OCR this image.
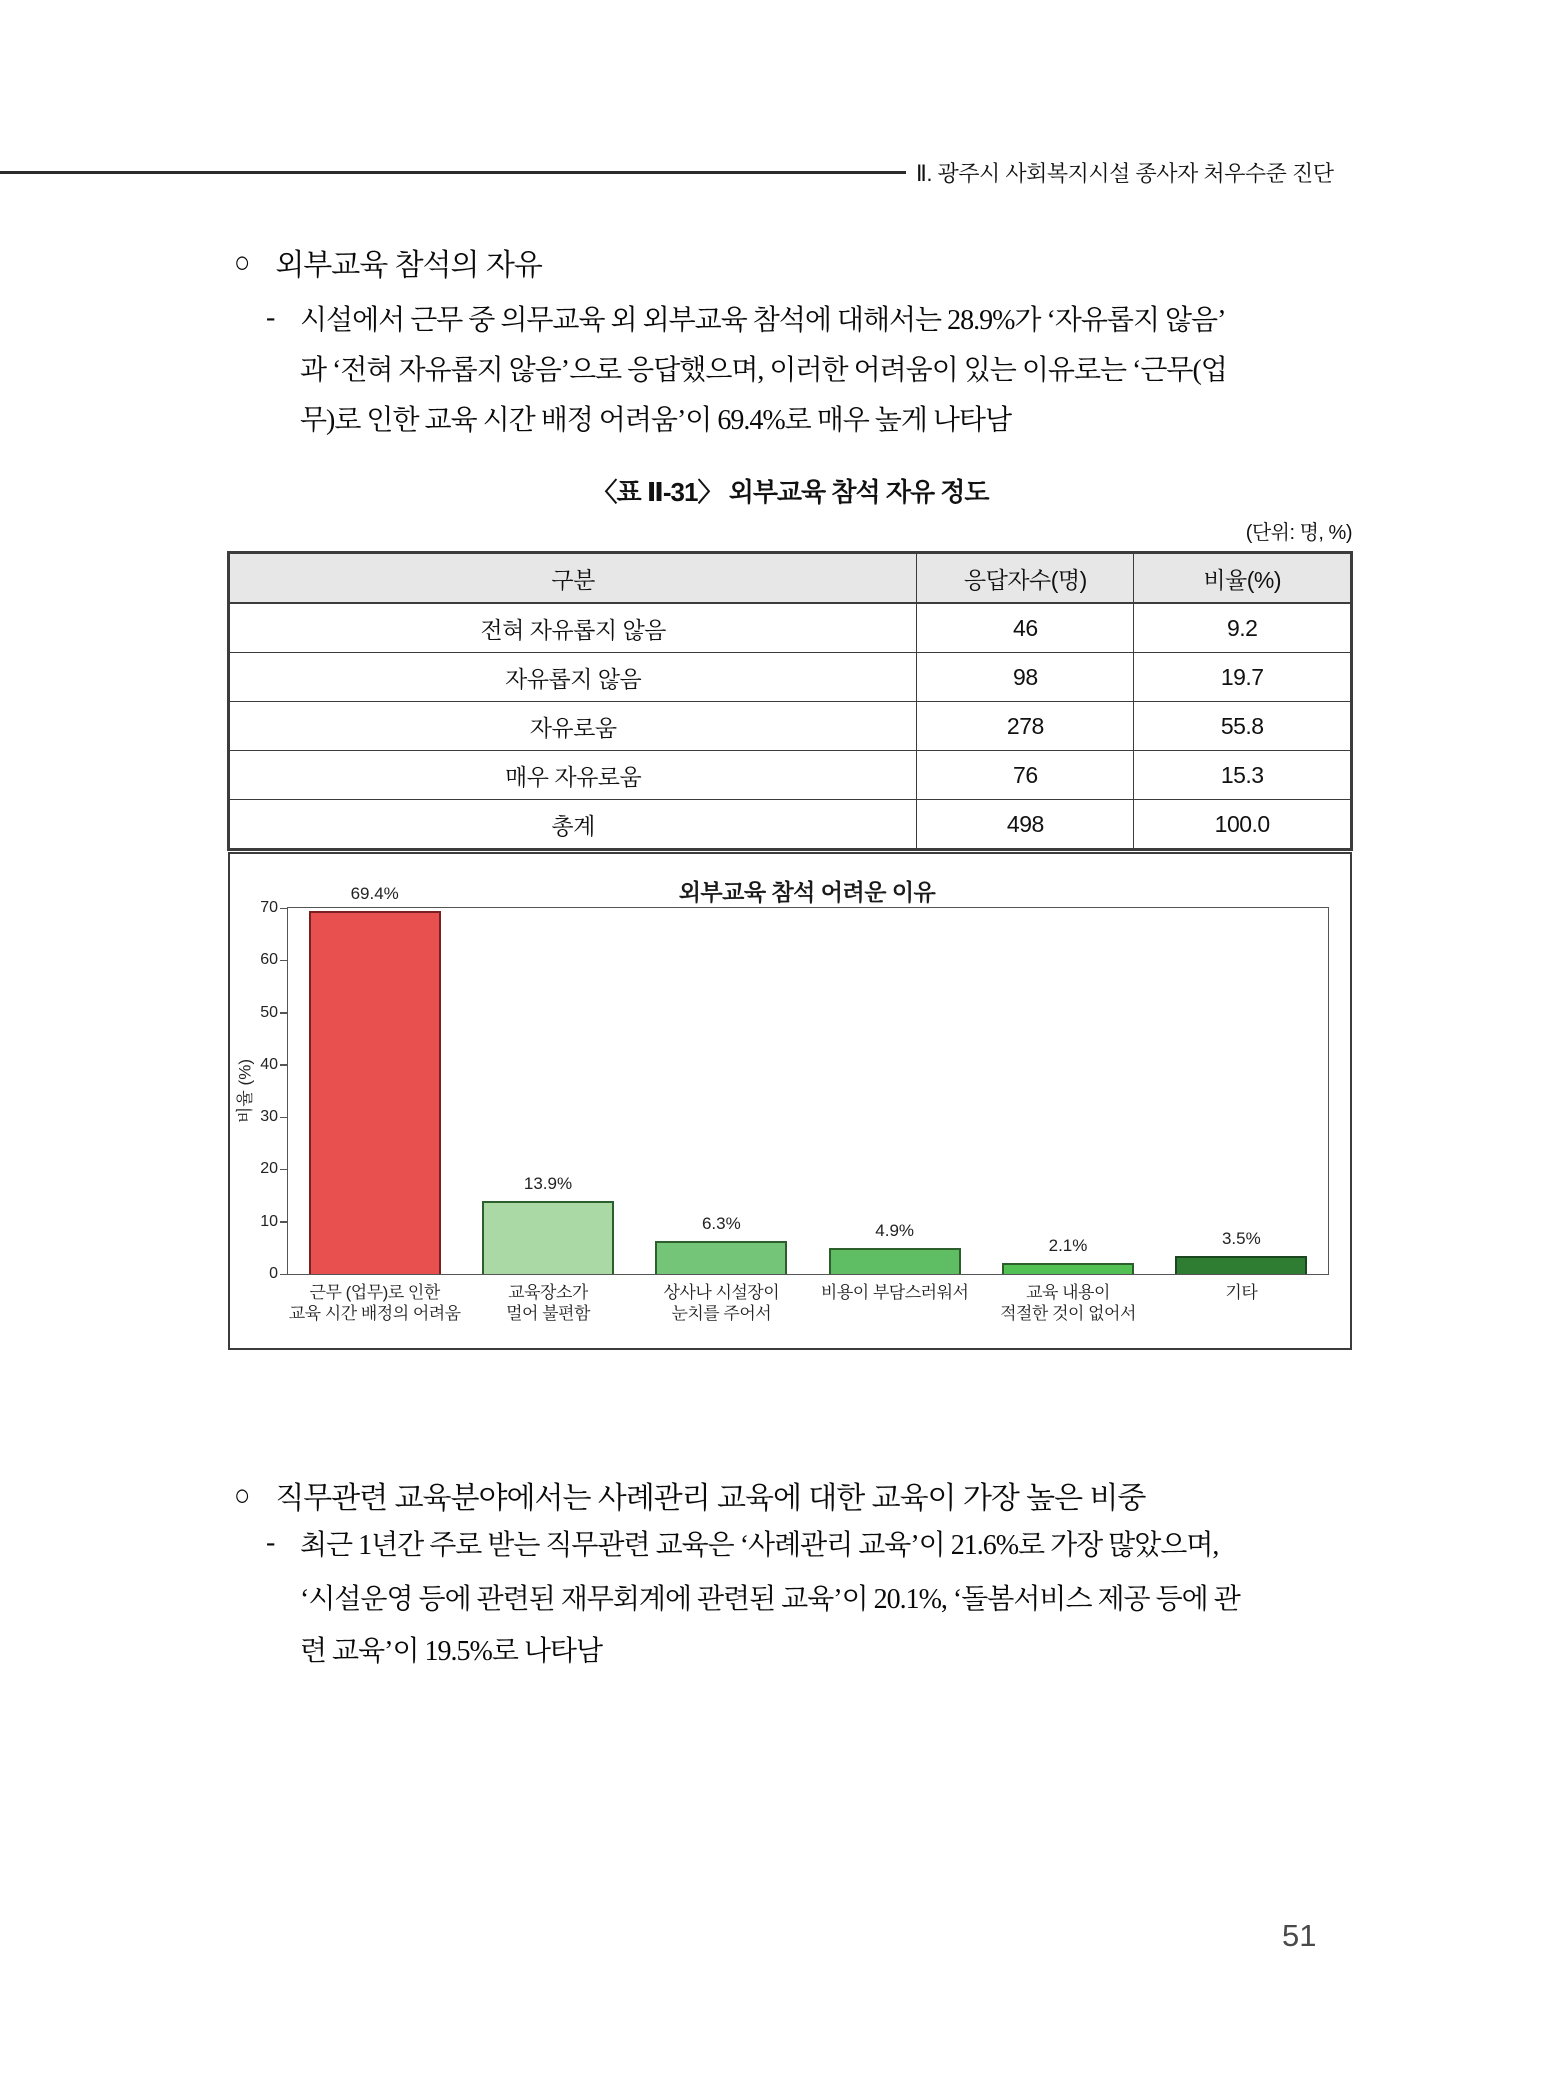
Ⅱ. 광주시 사회복지시설 종사자 처우수준 진단
○ 외부교육 참석의 자유
- 시설에서 근무 중 의무교육 외 외부교육 참석에 대해서는 28.9%가 ‘자유롭지 않음’
과 ‘전혀 자유롭지 않음’으로 응답했으며, 이러한 어려움이 있는 이유로는 ‘근무(업
무)로 인한 교육 시간 배정 어려움’이 69.4%로 매우 높게 나타남
〈표 Ⅱ-31〉 외부교육 참석 자유 정도
(단위: 명, %)
구분	응답자수(명)	비율(%)
전혀 자유롭지 않음	46	9.2
자유롭지 않음	98	19.7
자유로움	278	55.8
매우 자유로움	76	15.3
총계	498	100.0
외부교육 참석 어려운 이유
비율 (%)
0
10
20
30
40
50
60
70
69.4%
근무 (업무)로 인한
교육 시간 배정의 어려움
13.9%
교육장소가
멀어 불편함
6.3%
상사나 시설장이
눈치를 주어서
4.9%
비용이 부담스러워서
2.1%
교육 내용이
적절한 것이 없어서
3.5%
기타
○ 직무관련 교육분야에서는 사례관리 교육에 대한 교육이 가장 높은 비중
- 최근 1년간 주로 받는 직무관련 교육은 ‘사례관리 교육’이 21.6%로 가장 많았으며,
‘시설운영 등에 관련된 재무회계에 관련된 교육’이 20.1%, ‘돌봄서비스 제공 등에 관
련 교육’이 19.5%로 나타남
51
